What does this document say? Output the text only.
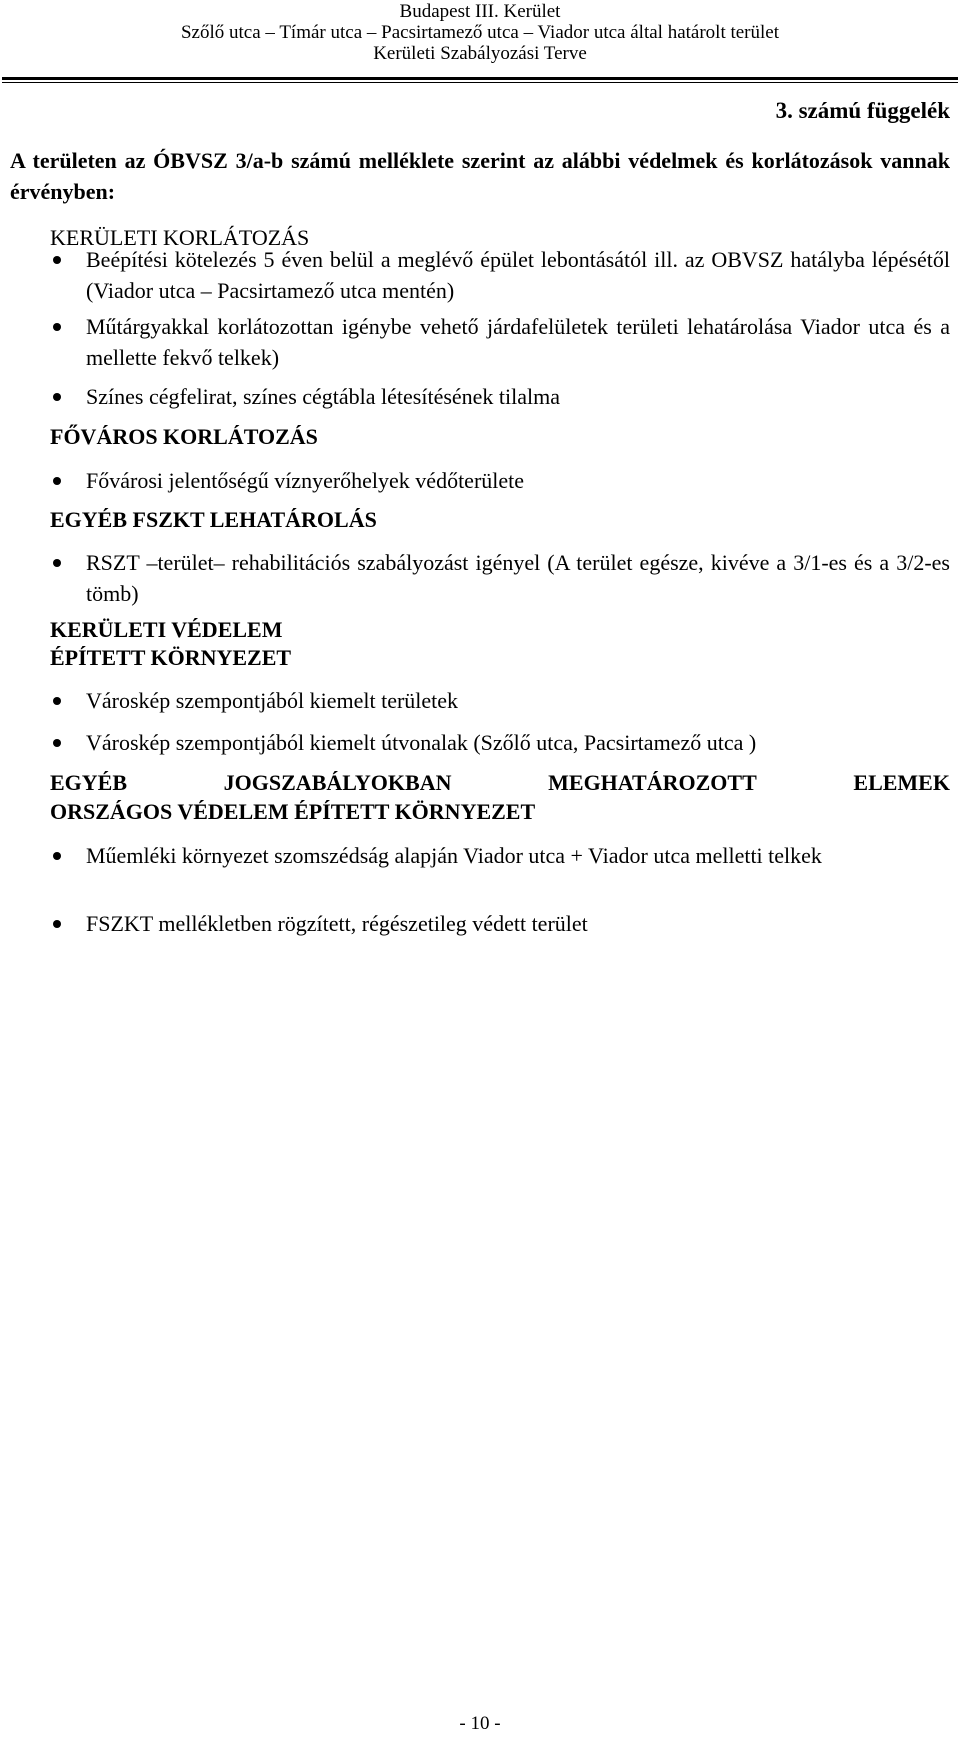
Budapest III. Kerület
Szőlő utca – Tímár utca – Pacsirtamező utca – Viador utca által határolt terület
Kerületi Szabályozási Terve
3. számú függelék
A területen az ÓBVSZ 3/a-b számú melléklete szerint az alábbi védelmek és korlátozások vannak érvényben:
KERÜLETI KORLÁTOZÁS
Beépítési kötelezés 5 éven belül a meglévő épület lebontásától ill. az OBVSZ hatályba lépésétől (Viador utca – Pacsirtamező utca mentén)
Műtárgyakkal korlátozottan igénybe vehető járdafelületek területi lehatárolása Viador utca és a mellette fekvő telkek)
Színes cégfelirat, színes cégtábla létesítésének tilalma
FŐVÁROS KORLÁTOZÁS
Fővárosi jelentőségű víznyerőhelyek védőterülete
EGYÉB FSZKT LEHATÁROLÁS
RSZT –terület– rehabilitációs szabályozást igényel (A terület egésze, kivéve a 3/1-es és a 3/2-es tömb)
KERÜLETI VÉDELEM
ÉPÍTETT KÖRNYEZET
Városkép szempontjából kiemelt területek
Városkép szempontjából kiemelt útvonalak (Szőlő utca, Pacsirtamező utca )
EGYÉB	JOGSZABÁLYOKBAN	MEGHATÁROZOTT	ELEMEK
ORSZÁGOS VÉDELEM ÉPÍTETT KÖRNYEZET
Műemléki környezet szomszédság alapján Viador utca + Viador utca melletti telkek
FSZKT mellékletben rögzített, régészetileg védett terület
- 10 -
